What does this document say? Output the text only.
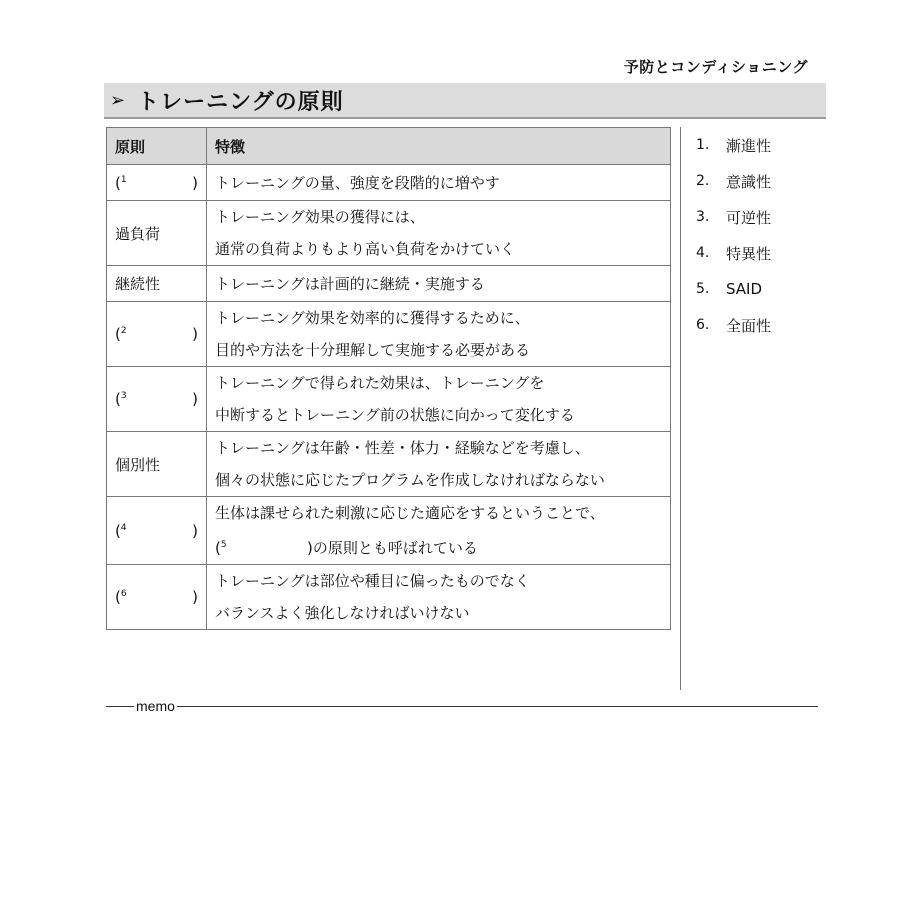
予防とコンディショニング
➢ トレーニングの原則
原則	特徴

($^1$ )	トレーニングの量、強度を段階的に増やす

過負荷	トレーニング効果の獲得には、
通常の負荷よりもより高い負荷をかけていく

継続性	トレーニングは計画的に継続・実施する

($^2$ )	トレーニング効果を効率的に獲得するために、
目的や方法を十分理解して実施する必要がある

($^3$ )	トレーニングで得られた効果は、トレーニングを
中断するとトレーニング前の状態に向かって変化する

個別性	トレーニングは年齢・性差・体力・経験などを考慮し、
個々の状態に応じたプログラムを作成しなければならない

($^4$ )	生体は課せられた刺激に応じた適応をするということで、
($^5$ )の原則とも呼ばれている

($^6$ )	トレーニングは部位や種目に偏ったものでなく
バランスよく強化しなければいけない
1.	漸進性
2.	意識性
3.	可逆性
4.	特異性
5.	SAID
6.	全面性
memo
